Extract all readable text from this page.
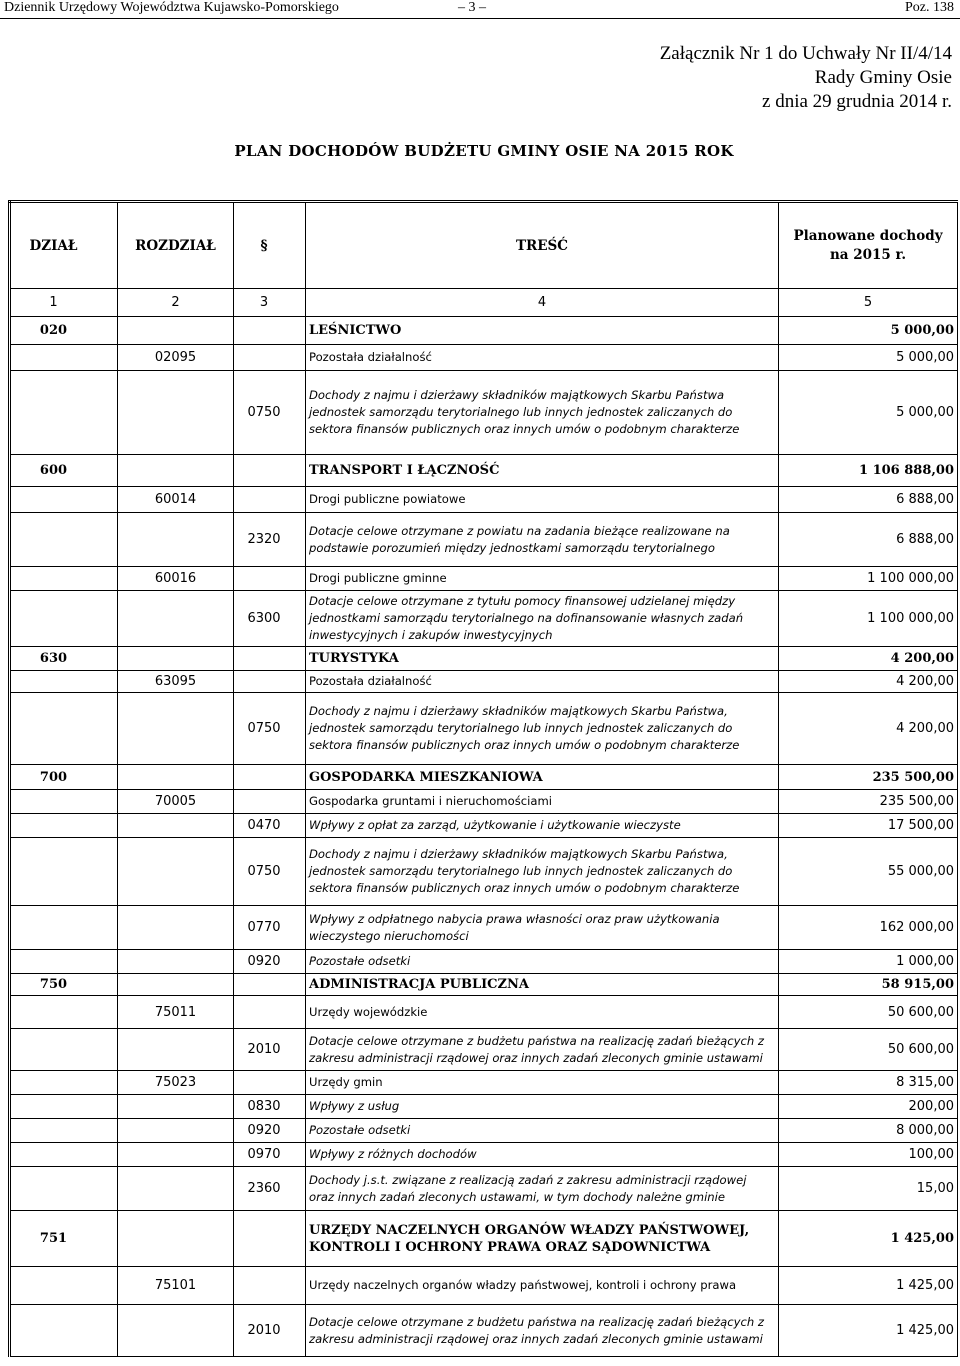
Dziennik Urzędowy Województwa Kujawsko-Pomorskiego	– 3 –	Poz. 138
Załącznik Nr 1 do Uchwały Nr II/4/14
Rady Gminy Osie
z dnia 29 grudnia 2014 r.
PLAN DOCHODÓW BUDŻETU GMINY OSIE NA 2015 ROK
DZIAŁ	ROZDZIAŁ	§	TREŚĆ	Planowane dochody na 2015 r.
1	2	3	4	5
020			LEŚNICTWO	5 000,00
	02095		Pozostała działalność	5 000,00
		0750	Dochody z najmu i dzierżawy składników majątkowych Skarbu Państwa jednostek samorządu terytorialnego lub innych jednostek zaliczanych do sektora finansów publicznych oraz innych umów o podobnym charakterze	5 000,00
600			TRANSPORT I ŁĄCZNOŚĆ	1 106 888,00
	60014		Drogi publiczne powiatowe	6 888,00
		2320	Dotacje celowe otrzymane z powiatu na zadania bieżące realizowane na podstawie porozumień między jednostkami samorządu terytorialnego	6 888,00
	60016		Drogi publiczne gminne	1 100 000,00
		6300	Dotacje celowe otrzymane z tytułu pomocy finansowej udzielanej między jednostkami samorządu terytorialnego na dofinansowanie własnych zadań inwestycyjnych i zakupów inwestycyjnych	1 100 000,00
630			TURYSTYKA	4 200,00
	63095		Pozostała działalność	4 200,00
		0750	Dochody z najmu i dzierżawy składników majątkowych Skarbu Państwa, jednostek samorządu terytorialnego lub innych jednostek zaliczanych do sektora finansów publicznych oraz innych umów o podobnym charakterze	4 200,00
700			GOSPODARKA MIESZKANIOWA	235 500,00
	70005		Gospodarka gruntami i nieruchomościami	235 500,00
		0470	Wpływy z opłat za zarząd, użytkowanie i użytkowanie wieczyste	17 500,00
		0750	Dochody z najmu i dzierżawy składników majątkowych Skarbu Państwa, jednostek samorządu terytorialnego lub innych jednostek zaliczanych do sektora finansów publicznych oraz innych umów o podobnym charakterze	55 000,00
		0770	Wpływy z odpłatnego nabycia prawa własności oraz praw użytkowania wieczystego nieruchomości	162 000,00
		0920	Pozostałe odsetki	1 000,00
750			ADMINISTRACJA PUBLICZNA	58 915,00
	75011		Urzędy wojewódzkie	50 600,00
		2010	Dotacje celowe otrzymane z budżetu państwa na realizację zadań bieżących z zakresu administracji rządowej oraz innych zadań zleconych gminie ustawami	50 600,00
	75023		Urzędy gmin	8 315,00
		0830	Wpływy z usług	200,00
		0920	Pozostałe odsetki	8 000,00
		0970	Wpływy z różnych dochodów	100,00
		2360	Dochody j.s.t. związane z realizacją zadań z zakresu administracji rządowej oraz innych zadań zleconych ustawami, w tym dochody należne gminie	15,00
751			URZĘDY NACZELNYCH ORGANÓW WŁADZY PAŃSTWOWEJ, KONTROLI I OCHRONY PRAWA ORAZ SĄDOWNICTWA	1 425,00
	75101		Urzędy naczelnych organów władzy państwowej, kontroli i ochrony prawa	1 425,00
		2010	Dotacje celowe otrzymane z budżetu państwa na realizację zadań bieżących z zakresu administracji rządowej oraz innych zadań zleconych gminie ustawami	1 425,00
